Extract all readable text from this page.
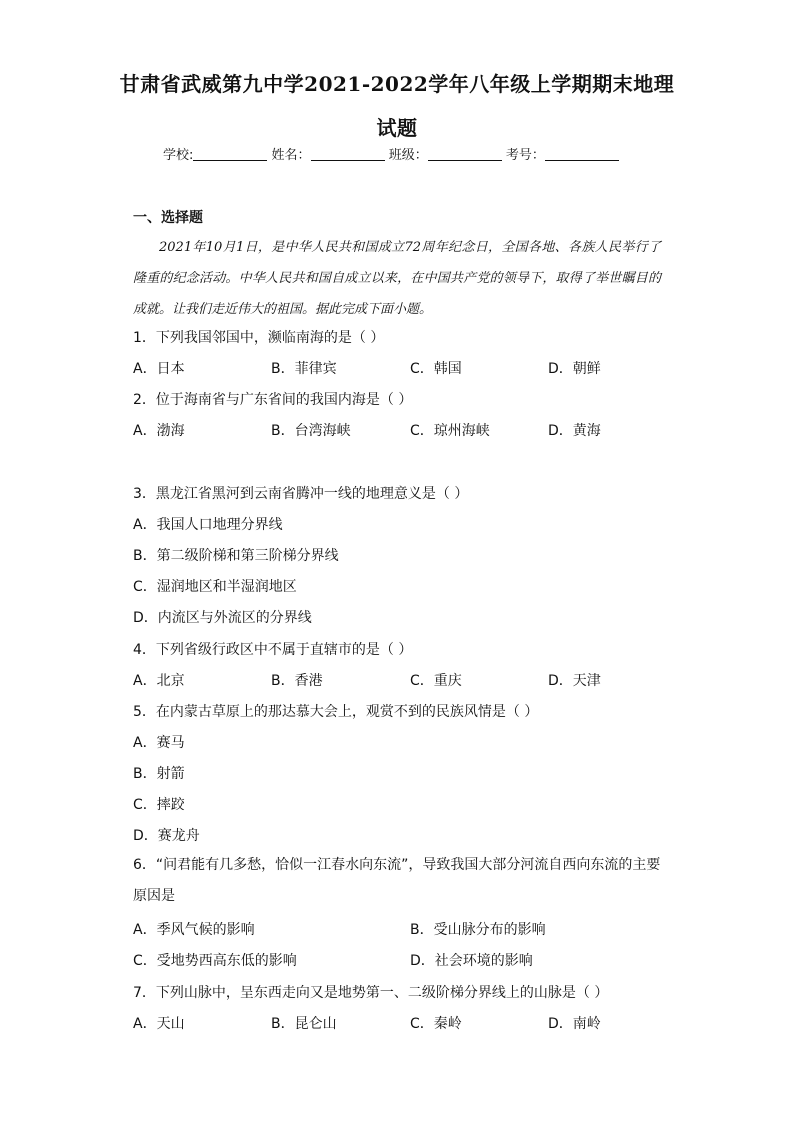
甘肃省武威第九中学2021-2022学年八年级上学期期末地理
试题
学校:	姓名：	班级：	考号：
一、选择题
2021年10月1日，是中华人民共和国成立72周年纪念日，全国各地、各族人民举行了隆重的纪念活动。中华人民共和国自成立以来，在中国共产党的领导下，取得了举世瞩目的成就。让我们走近伟大的祖国。据此完成下面小题。
1．下列我国邻国中，濒临南海的是（ ）
A．日本	B．菲律宾	C．韩国	D．朝鲜
2．位于海南省与广东省间的我国内海是（ ）
A．渤海	B．台湾海峡	C．琼州海峡	D．黄海
3．黑龙江省黑河到云南省腾冲一线的地理意义是（ ）
A．我国人口地理分界线
B．第二级阶梯和第三阶梯分界线
C．湿润地区和半湿润地区
D．内流区与外流区的分界线
4．下列省级行政区中不属于直辖市的是（ ）
A．北京	B．香港	C．重庆	D．天津
5．在内蒙古草原上的那达慕大会上，观赏不到的民族风情是（ ）
A．赛马
B．射箭
C．摔跤
D．赛龙舟
6．“问君能有几多愁，恰似一江春水向东流”，导致我国大部分河流自西向东流的主要原因是
A．季风气候的影响	B．受山脉分布的影响
C．受地势西高东低的影响	D．社会环境的影响
7．下列山脉中，呈东西走向又是地势第一、二级阶梯分界线上的山脉是（ ）
A．天山	B．昆仑山	C．秦岭	D．南岭
